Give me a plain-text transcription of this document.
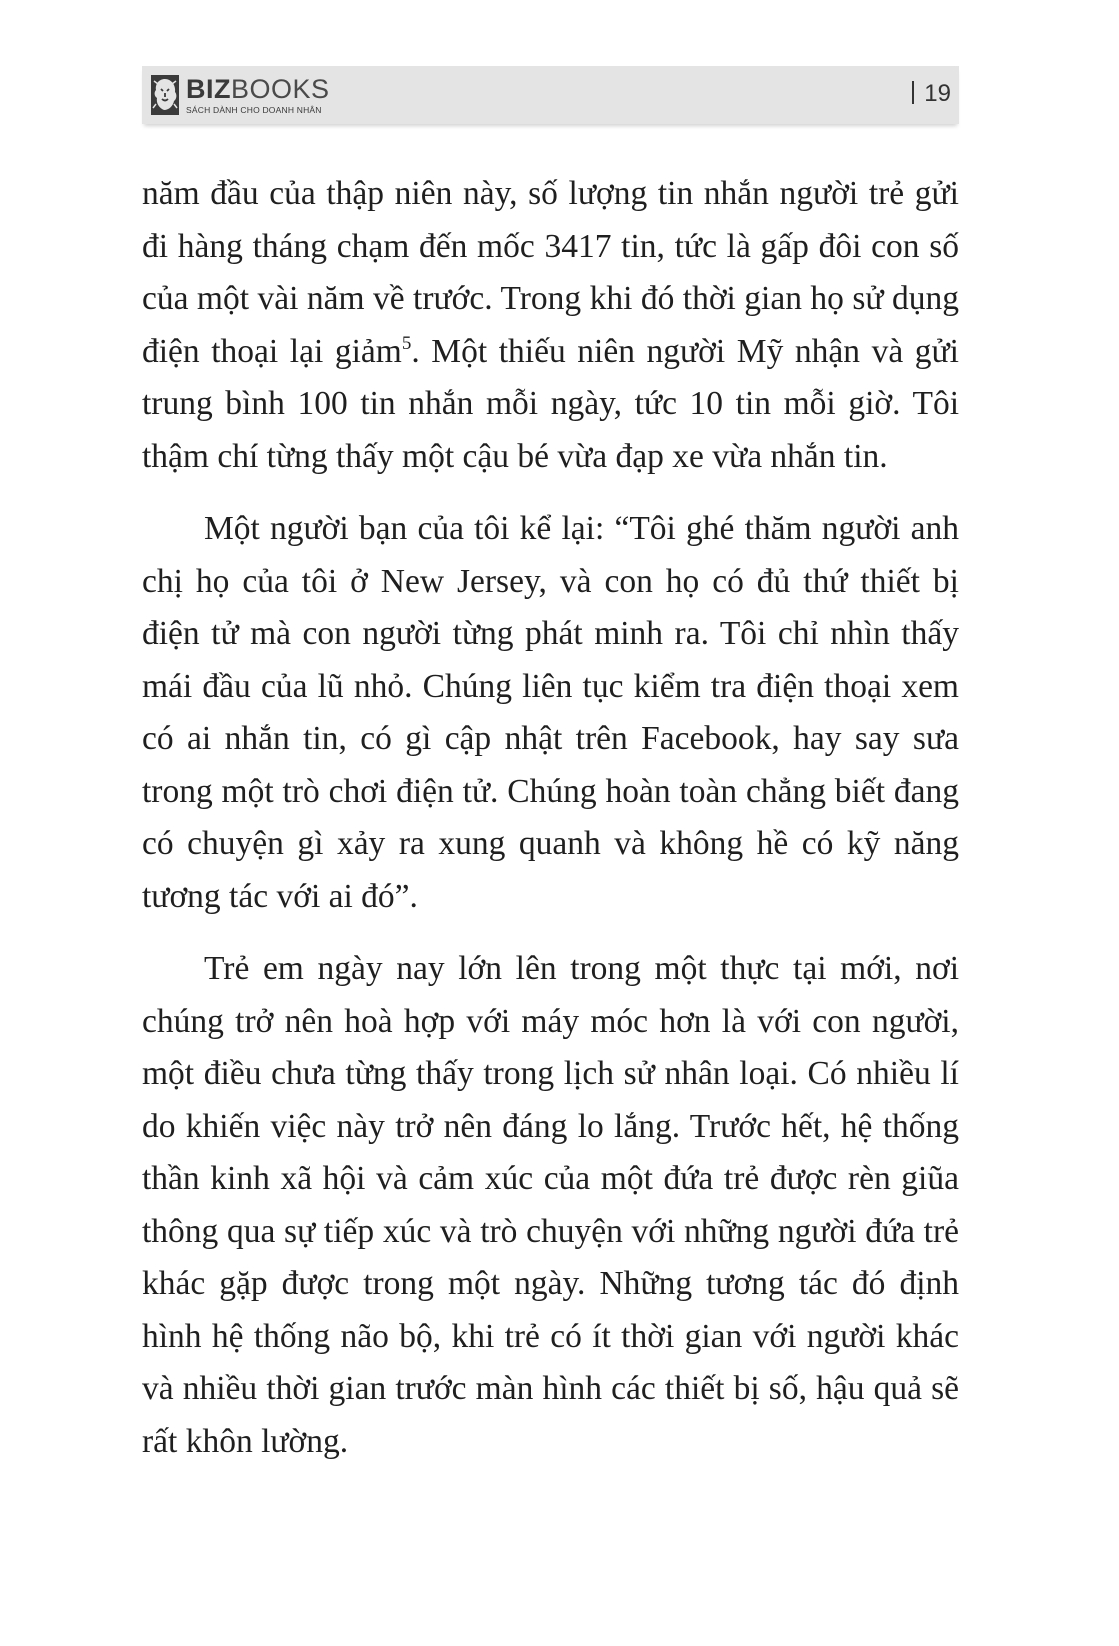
BIZBOOKS
SÁCH DÀNH CHO DOANH NHÂN
19

năm đầu của thập niên này, số lượng tin nhắn người trẻ gửi đi hàng tháng chạm đến mốc 3417 tin, tức là gấp đôi con số của một vài năm về trước. Trong khi đó thời gian họ sử dụng điện thoại lại giảm$^5$. Một thiếu niên người Mỹ nhận và gửi trung bình 100 tin nhắn mỗi ngày, tức 10 tin mỗi giờ. Tôi thậm chí từng thấy một cậu bé vừa đạp xe vừa nhắn tin.

Một người bạn của tôi kể lại: “Tôi ghé thăm người anh chị họ của tôi ở New Jersey, và con họ có đủ thứ thiết bị điện tử mà con người từng phát minh ra. Tôi chỉ nhìn thấy mái đầu của lũ nhỏ. Chúng liên tục kiểm tra điện thoại xem có ai nhắn tin, có gì cập nhật trên Facebook, hay say sưa trong một trò chơi điện tử. Chúng hoàn toàn chẳng biết đang có chuyện gì xảy ra xung quanh và không hề có kỹ năng tương tác với ai đó”.

Trẻ em ngày nay lớn lên trong một thực tại mới, nơi chúng trở nên hoà hợp với máy móc hơn là với con người, một điều chưa từng thấy trong lịch sử nhân loại. Có nhiều lí do khiến việc này trở nên đáng lo lắng. Trước hết, hệ thống thần kinh xã hội và cảm xúc của một đứa trẻ được rèn giũa thông qua sự tiếp xúc và trò chuyện với những người đứa trẻ khác gặp được trong một ngày. Những tương tác đó định hình hệ thống não bộ, khi trẻ có ít thời gian với người khác và nhiều thời gian trước màn hình các thiết bị số, hậu quả sẽ rất khôn lường.
